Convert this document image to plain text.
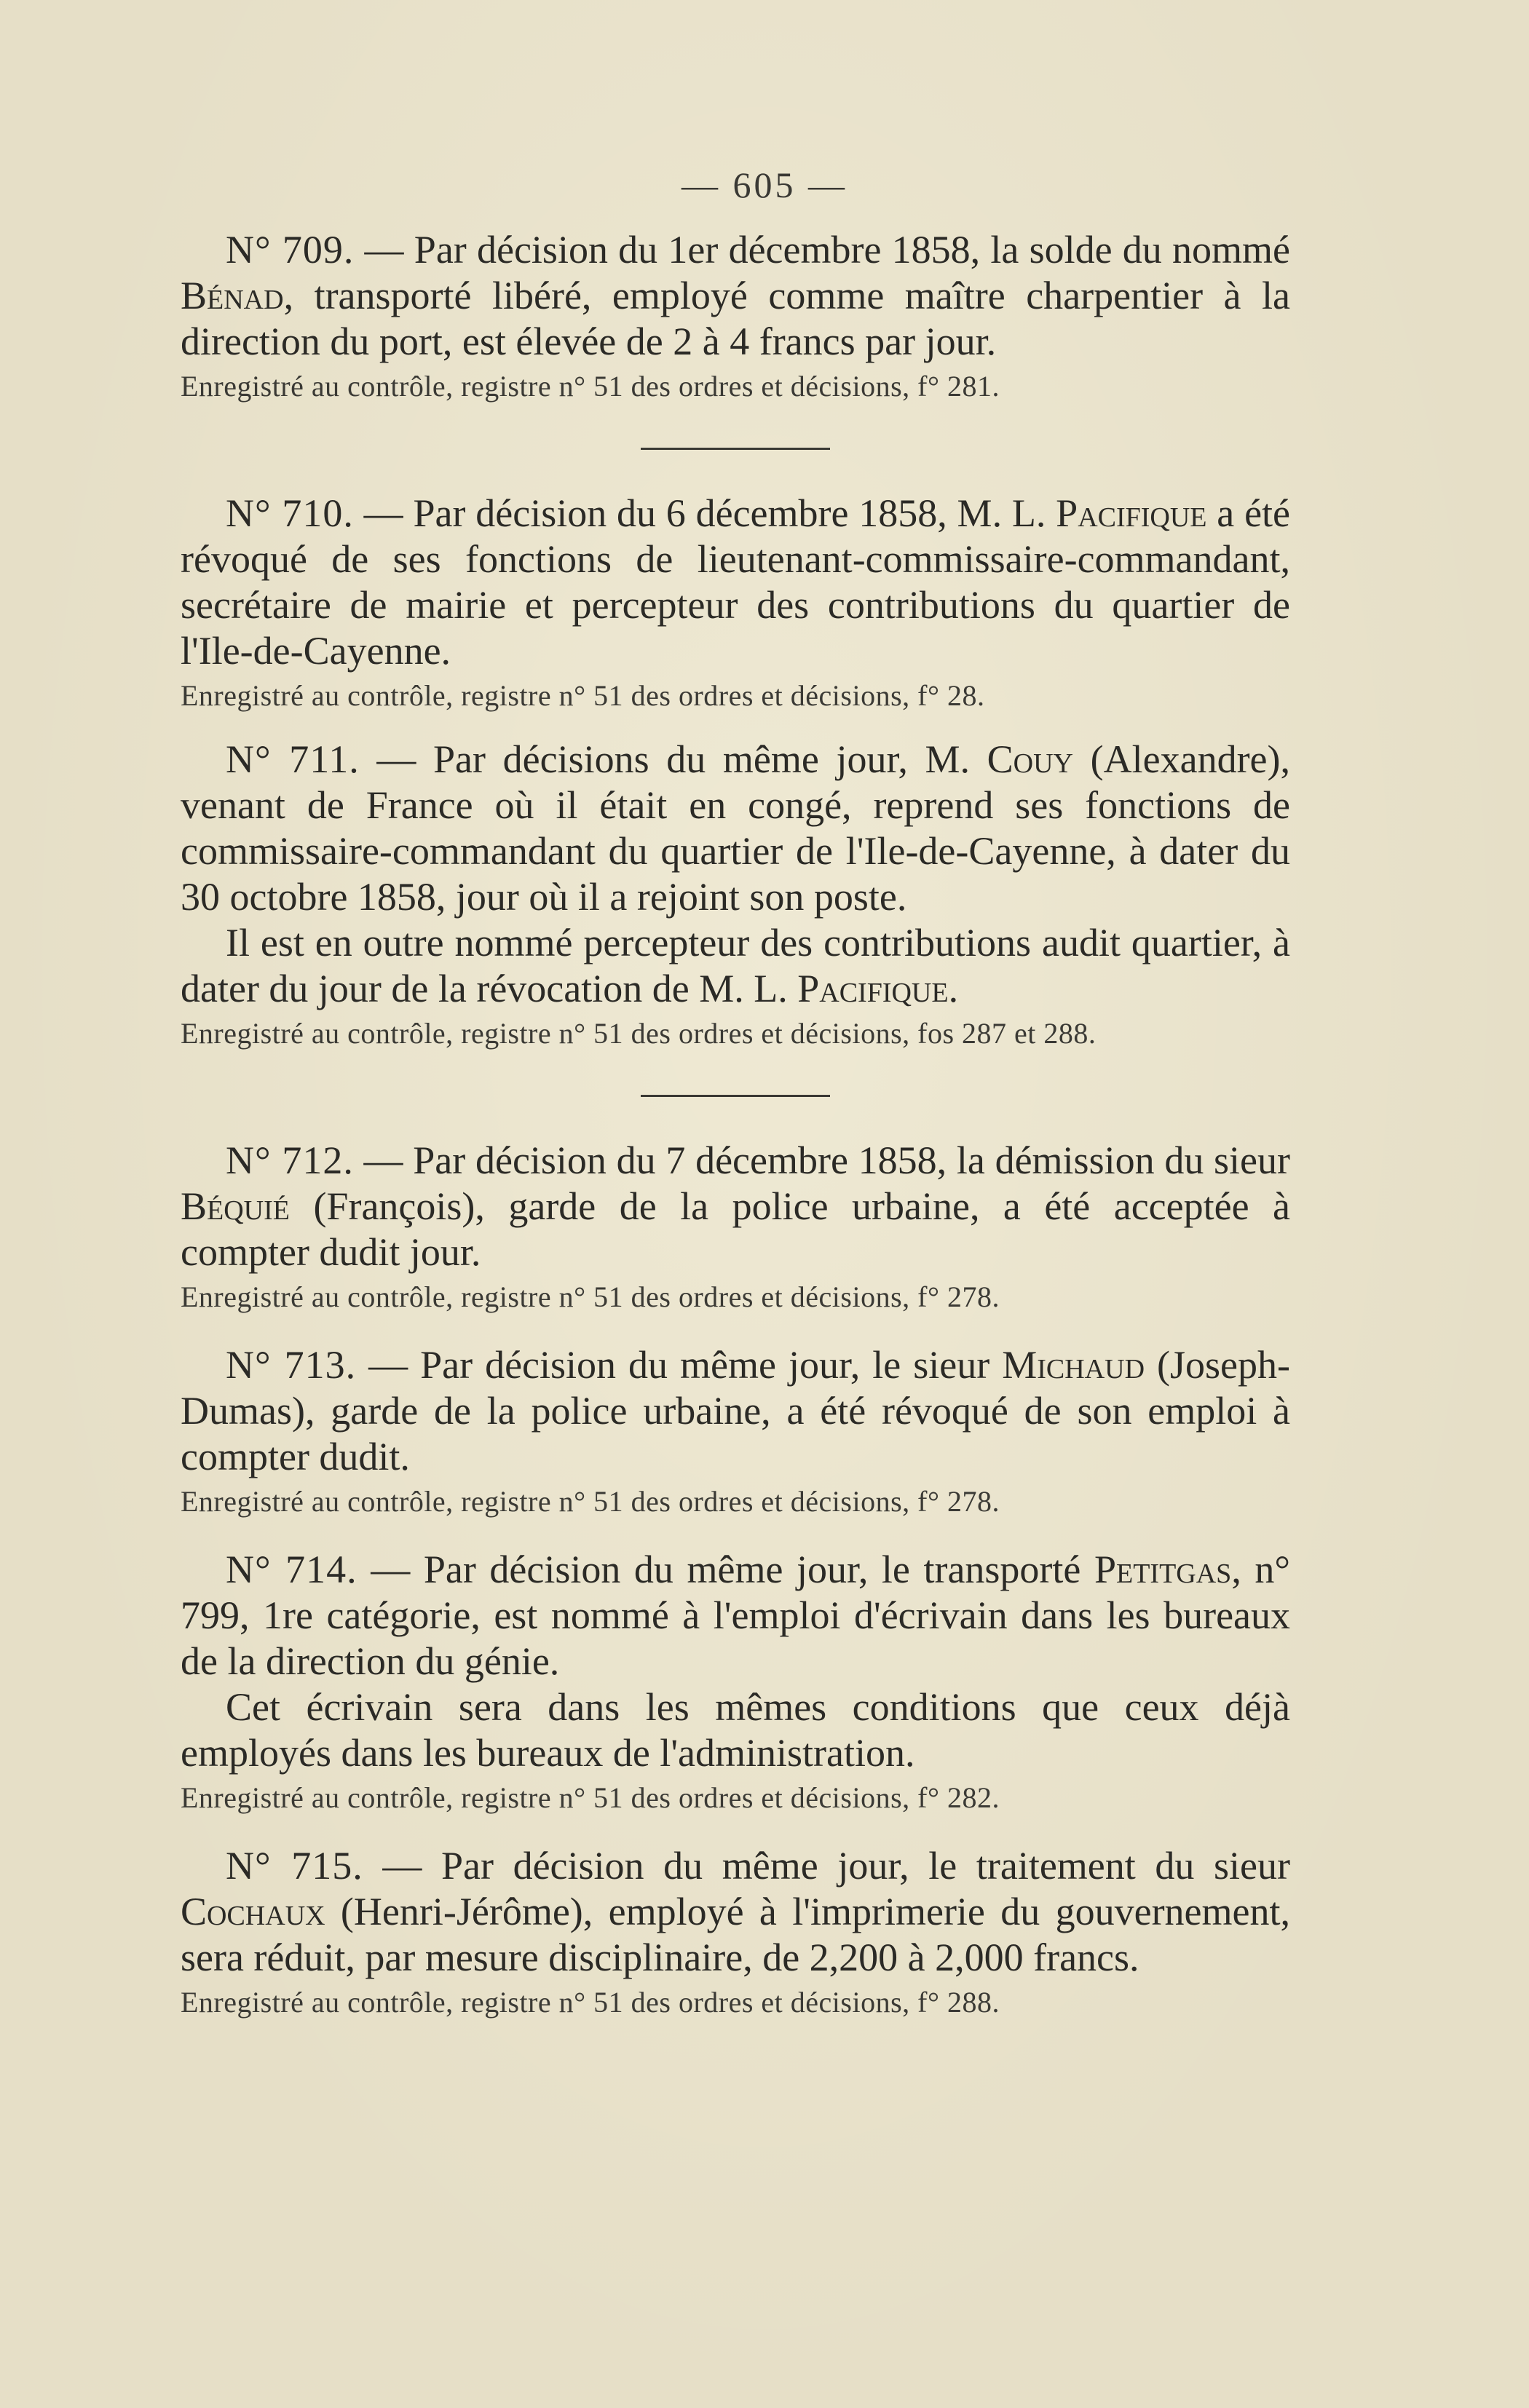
— 605 —

N° 709. — Par décision du 1er décembre 1858, la solde du nommé Bénad, transporté libéré, employé comme maître charpentier à la direction du port, est élevée de 2 à 4 francs par jour.

Enregistré au contrôle, registre n° 51 des ordres et décisions, f° 281.

N° 710. — Par décision du 6 décembre 1858, M. L. Pacifique a été révoqué de ses fonctions de lieutenant-commissaire-commandant, secrétaire de mairie et percepteur des contributions du quartier de l'Ile-de-Cayenne.

Enregistré au contrôle, registre n° 51 des ordres et décisions, f° 28.

N° 711. — Par décisions du même jour, M. Couy (Alexandre), venant de France où il était en congé, reprend ses fonctions de commissaire-commandant du quartier de l'Ile-de-Cayenne, à dater du 30 octobre 1858, jour où il a rejoint son poste.

Il est en outre nommé percepteur des contributions audit quartier, à dater du jour de la révocation de M. L. Pacifique.

Enregistré au contrôle, registre n° 51 des ordres et décisions, fos 287 et 288.

N° 712. — Par décision du 7 décembre 1858, la démission du sieur Béquié (François), garde de la police urbaine, a été acceptée à compter dudit jour.

Enregistré au contrôle, registre n° 51 des ordres et décisions, f° 278.

N° 713. — Par décision du même jour, le sieur Michaud (Joseph-Dumas), garde de la police urbaine, a été révoqué de son emploi à compter dudit.

Enregistré au contrôle, registre n° 51 des ordres et décisions, f° 278.

N° 714. — Par décision du même jour, le transporté Petitgas, n° 799, 1re catégorie, est nommé à l'emploi d'écrivain dans les bureaux de la direction du génie.

Cet écrivain sera dans les mêmes conditions que ceux déjà employés dans les bureaux de l'administration.

Enregistré au contrôle, registre n° 51 des ordres et décisions, f° 282.

N° 715. — Par décision du même jour, le traitement du sieur Cochaux (Henri-Jérôme), employé à l'imprimerie du gouvernement, sera réduit, par mesure disciplinaire, de 2,200 à 2,000 francs.

Enregistré au contrôle, registre n° 51 des ordres et décisions, f° 288.
